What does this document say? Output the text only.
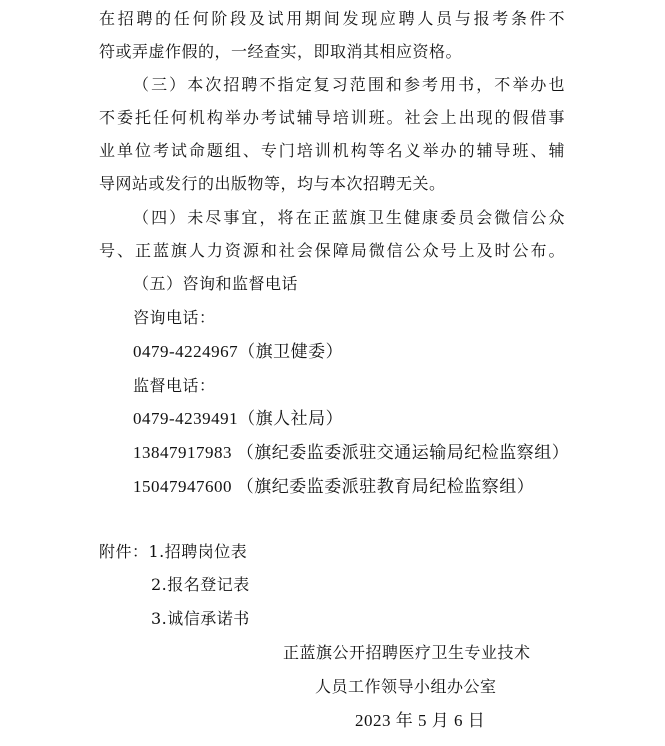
在招聘的任何阶段及试用期间发现应聘人员与报考条件不
符或弄虚作假的，一经查实，即取消其相应资格。
（三）本次招聘不指定复习范围和参考用书，不举办也
不委托任何机构举办考试辅导培训班。社会上出现的假借事
业单位考试命题组、专门培训机构等名义举办的辅导班、辅
导网站或发行的出版物等，均与本次招聘无关。
（四）未尽事宜，将在正蓝旗卫生健康委员会微信公众
号、正蓝旗人力资源和社会保障局微信公众号上及时公布。
（五）咨询和监督电话
咨询电话：
0479-4224967（旗卫健委）
监督电话：
0479-4239491（旗人社局）
13847917983 （旗纪委监委派驻交通运输局纪检监察组）
15047947600 （旗纪委监委派驻教育局纪检监察组）
附件：1.招聘岗位表
2.报名登记表
3.诚信承诺书
正蓝旗公开招聘医疗卫生专业技术
人员工作领导小组办公室
2023 年 5 月 6 日
